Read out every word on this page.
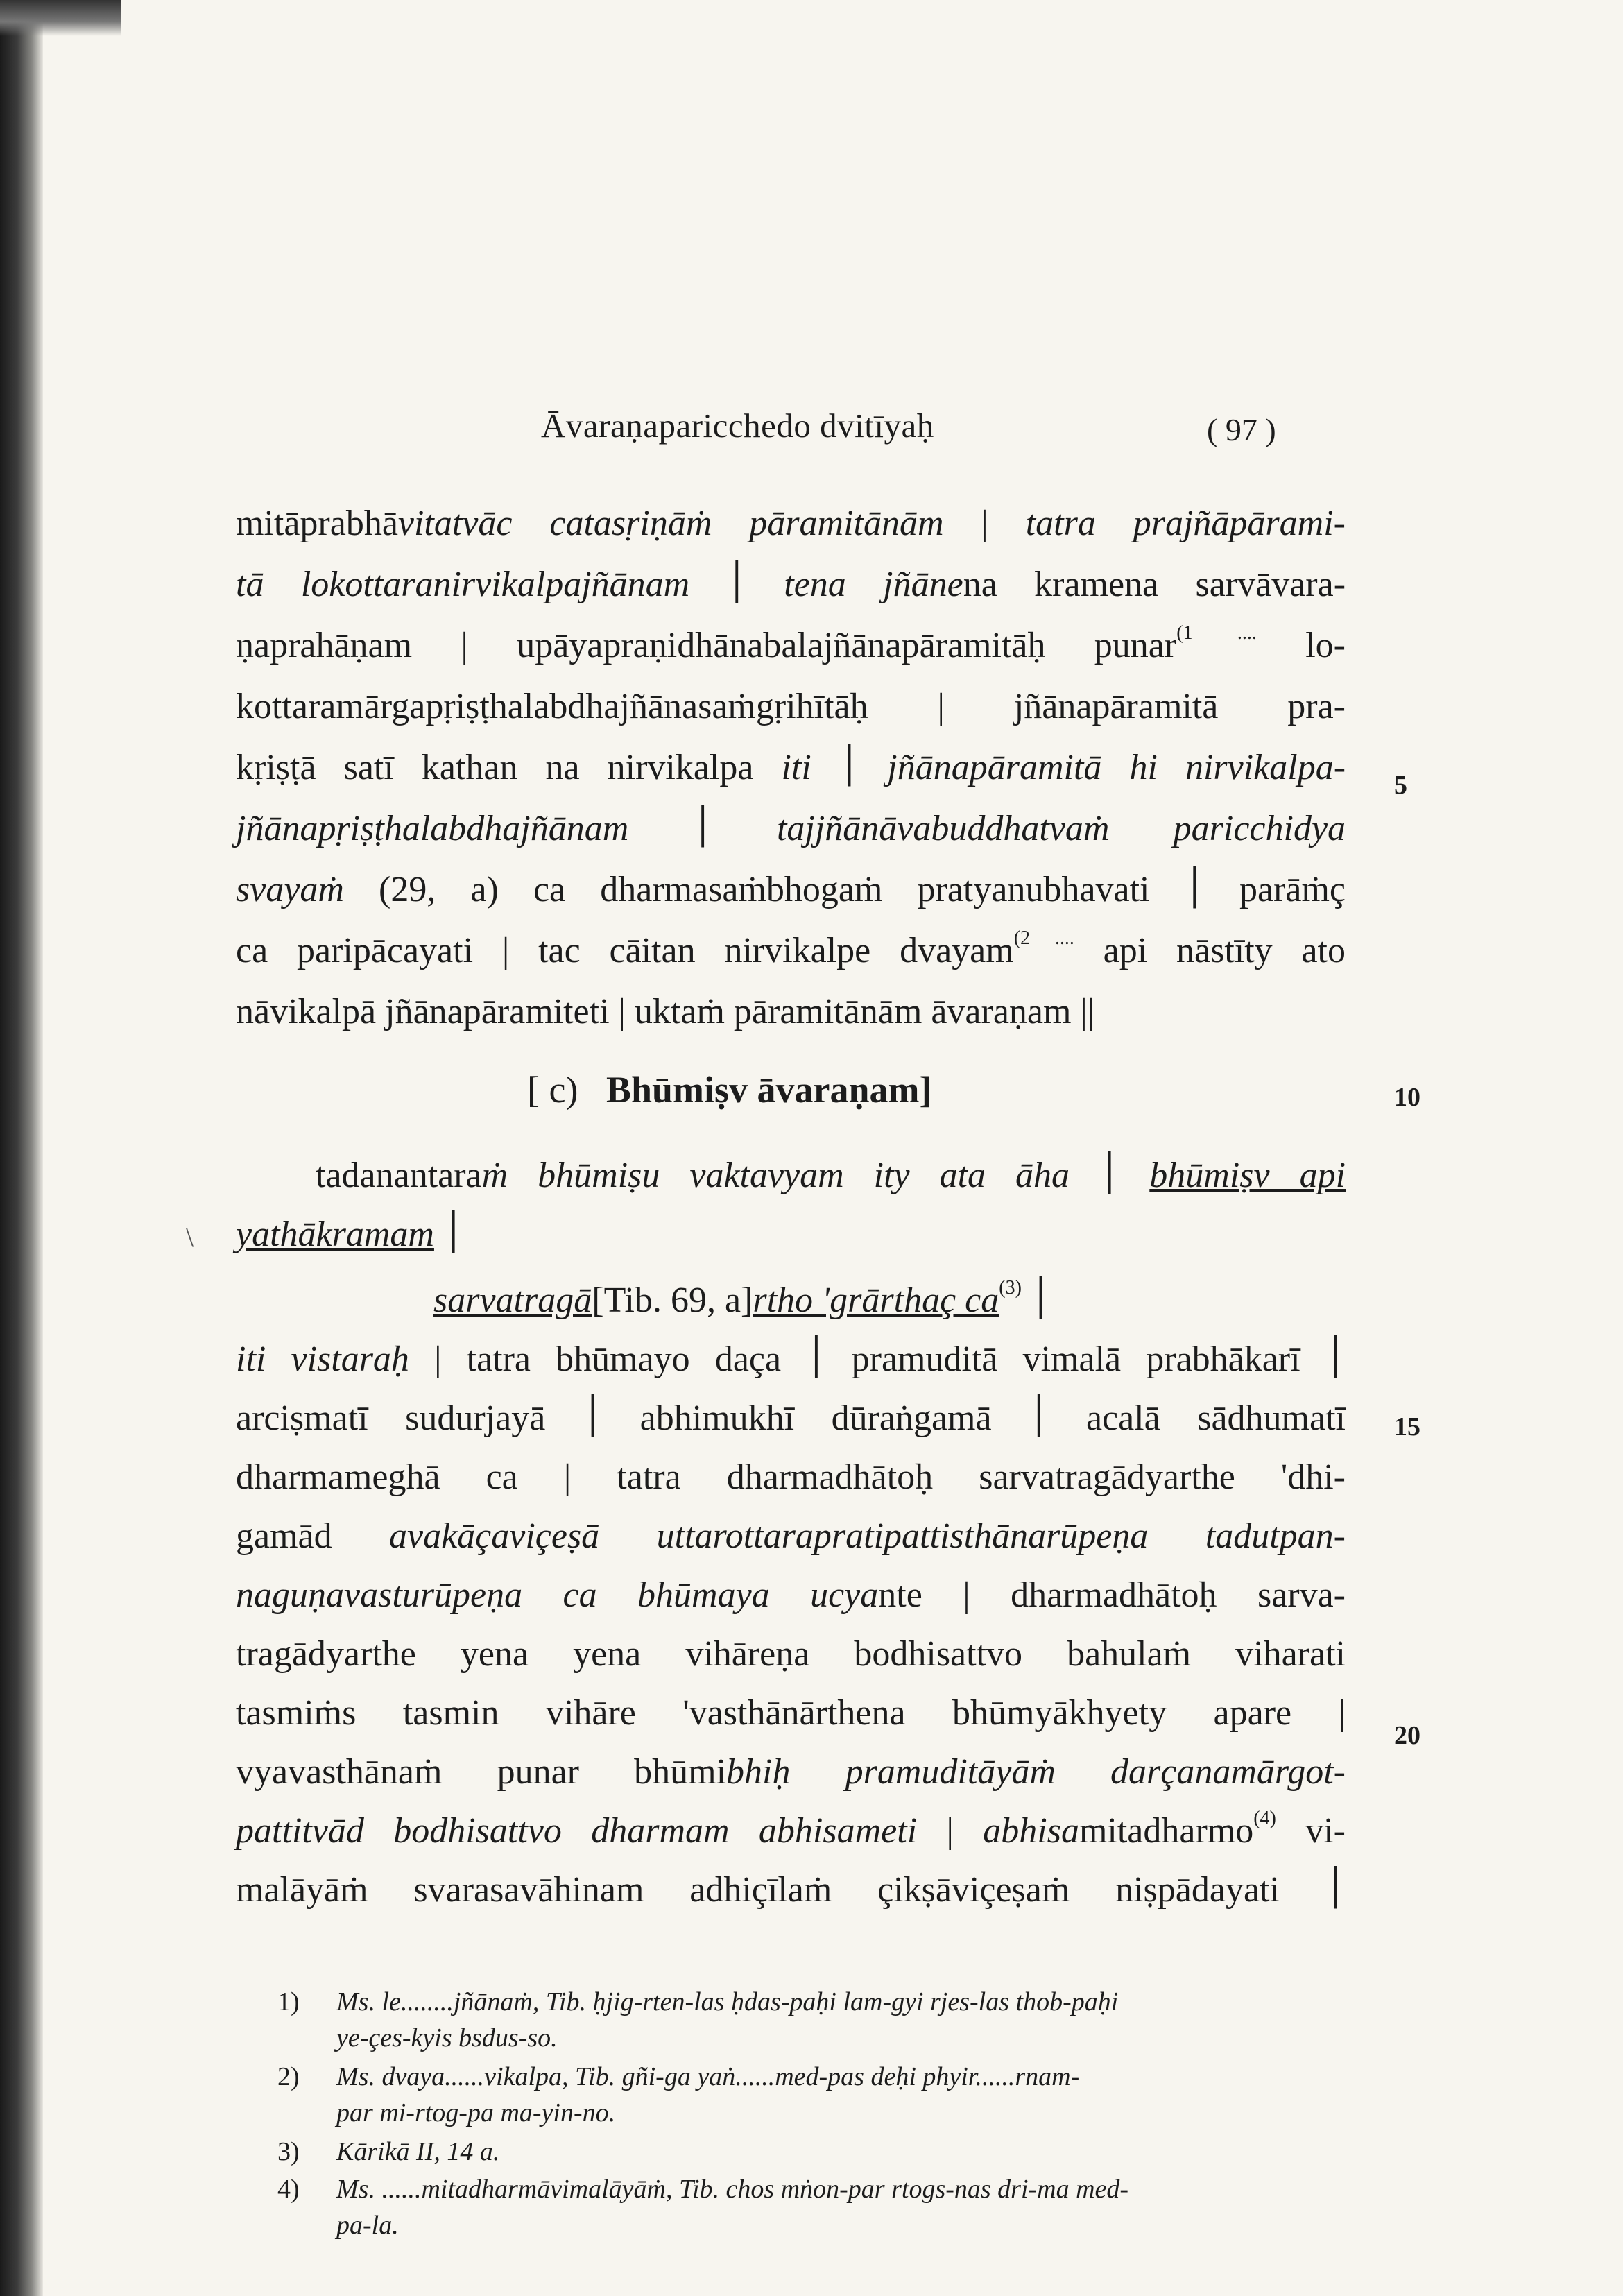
Āvaraṇaparicchedo dvitīyaḥ	( 97 )
mitāprabhāvitatvāc catasṛiṇāṁ pāramitānām | tatra prajñāpārami-
tā lokottaranirvikalpajñānam ׀ tena jñānena kramena sarvāvara-
ṇaprahāṇam | upāyapraṇidhānabalajñānapāramitāḥ punar$^{(1 ....}$ lo-
kottaramārgapṛiṣṭhalabdhajñānasaṁgṛihītāḥ | jñānapāramitā pra-
kṛiṣṭā satī kathan na nirvikalpa iti ׀ jñānapāramitā hi nirvikalpa-
jñānapṛiṣṭhalabdhajñānam ׀ tajjñānāvabuddhatvaṁ paricchidya
svayaṁ (29, a) ca dharmasaṁbhogaṁ pratyanubhavati ׀ parāṁç
ca paripācayati | tac cāitan nirvikalpe dvayam$^{(2 ....}$ api nāstīty ato
nāvikalpā jñānapāramiteti | uktaṁ pāramitānām āvaraṇam ||
[ c) Bhūmiṣv āvaraṇam]
tadanantaraṁ bhūmiṣu vaktavyam ity ata āha ׀ bhūmiṣv api
yathākramam ׀
sarvatragā[Tib. 69, a]rtho 'grārthaç $ca^{(3)}$ ׀
iti vistaraḥ | tatra bhūmayo daça ׀ pramuditā vimalā prabhākarī ׀
arciṣmatī sudurjayā ׀ abhimukhī dūraṅgamā ׀ acalā sādhumatī
dharmameghā ca | tatra dharmadhātoḥ sarvatragādyarthe 'dhi-
gamād avakāçaviçeṣā uttarottarapratipattisthānarūpeṇa tadutpan-
naguṇavasturūpeṇa ca bhūmaya ucyante | dharmadhātoḥ sarva-
tragādyarthe yena yena vihāreṇa bodhisattvo bahulaṁ viharati
tasmiṁs tasmin vihāre 'vasthānārthena bhūmyākhyety apare |
vyavasthānaṁ punar bhūmibhiḥ pramuditāyāṁ darçanamārgot-
pattitvād bodhisattvo dharmam abhisameti | abhisamitadharmo$^{(4)}$ vi-
malāyāṁ svarasavāhinam adhiçīlaṁ çikṣāviçeṣaṁ niṣpādayati ׀
5
10
15
20
\
1)	Ms. le........jñānaṁ, Tib. ḥjig-rten-las ḥdas-paḥi lam-gyi rjes-las thob-paḥi
ye-çes-kyis bsdus-so.
2)	Ms. dvaya......vikalpa, Tib. gñi-ga yaṅ......med-pas deḥi phyir......rnam-
par mi-rtog-pa ma-yin-no.
3)	Kārikā II, 14 a.
4)	Ms. ......mitadharmāvimalāyāṁ, Tib. chos mṅon-par rtogs-nas dri-ma med-
pa-la.
